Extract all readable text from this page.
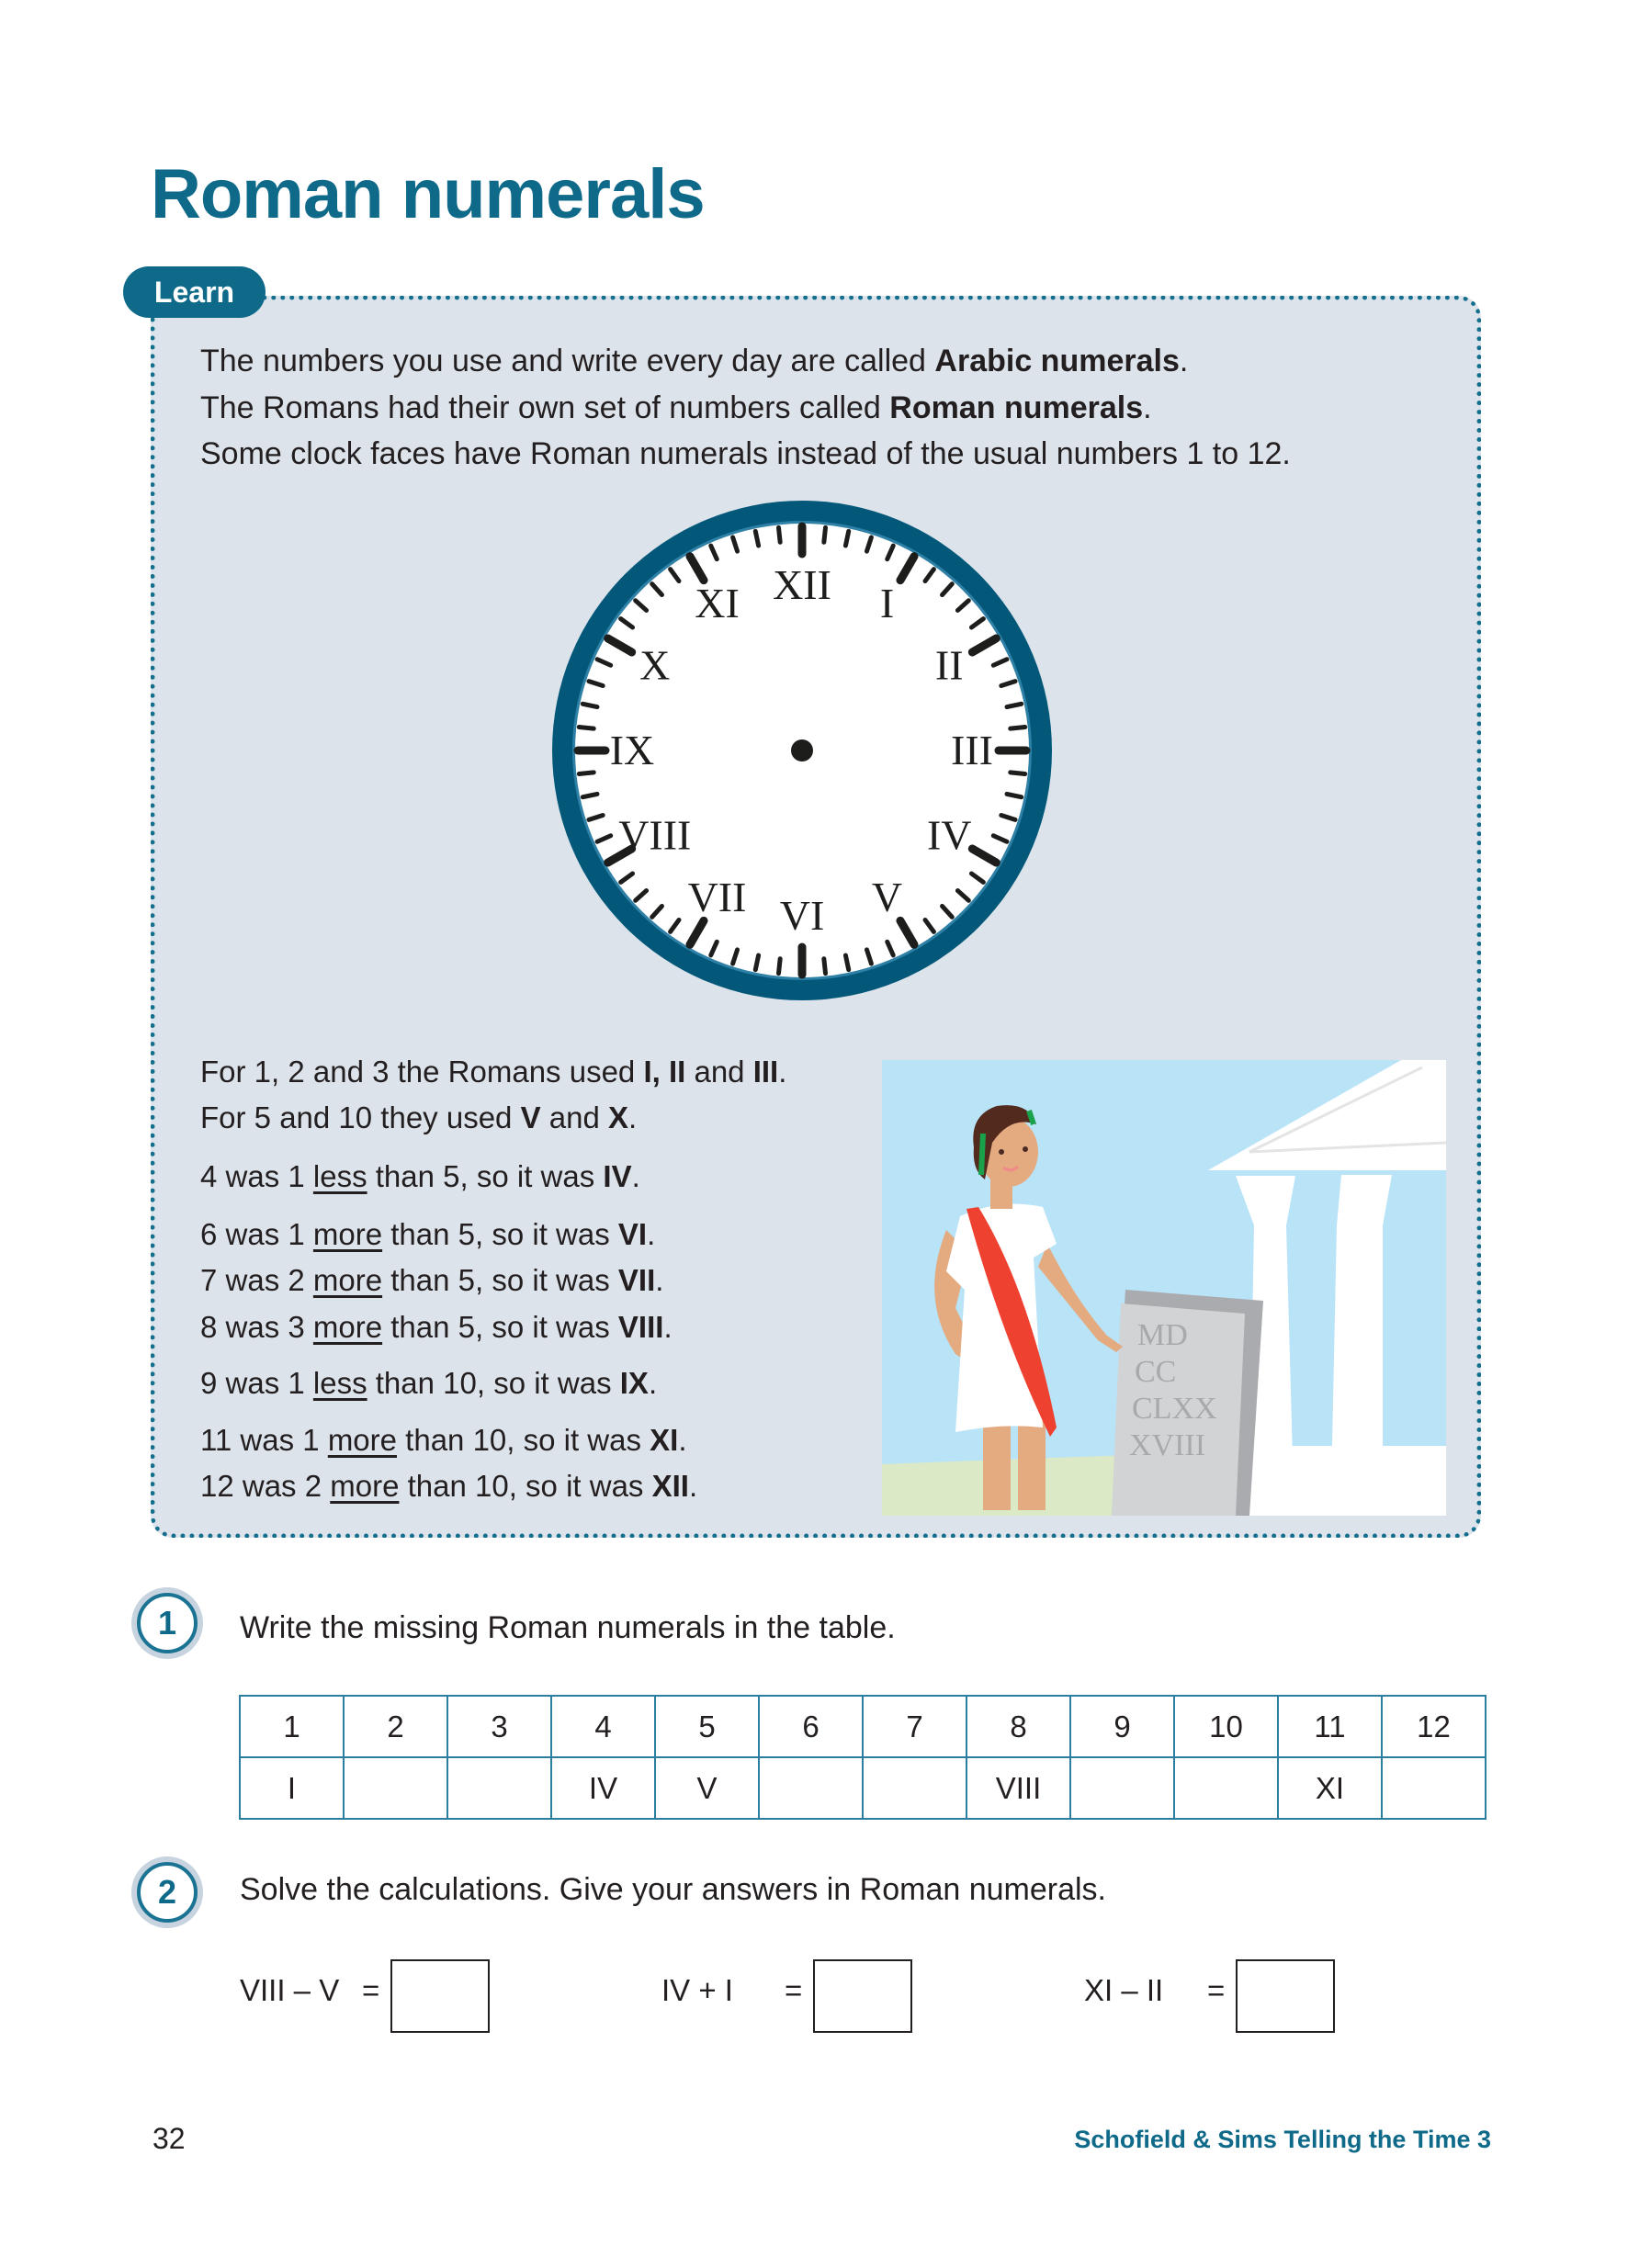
Roman numerals
Learn
XII I
II
III
IV
V
VI
VII
VIII
IX
X
XI
MD
CC
CLXX
XVIII
1	Write the missing Roman numerals in the table.
1	2	3	4	5	6	7	8	9	10	11	12
I			IV	V			VIII			XI	
2	Solve the calculations. Give your answers in Roman numerals.
VIII – V =	IV + I =	XI – II =
32	Schofield & Sims Telling the Time 3
The numbers you use and write every day are called Arabic numerals.
The Romans had their own set of numbers called Roman numerals.
Some clock faces have Roman numerals instead of the usual numbers 1 to 12.
For 1, 2 and 3 the Romans used I, II and III.
For 5 and 10 they used V and X.
4 was 1 less than 5, so it was IV.
6 was 1 more than 5, so it was VI.
7 was 2 more than 5, so it was VII.
8 was 3 more than 5, so it was VIII.
9 was 1 less than 10, so it was IX.
11 was 1 more than 10, so it was XI.
12 was 2 more than 10, so it was XII.
